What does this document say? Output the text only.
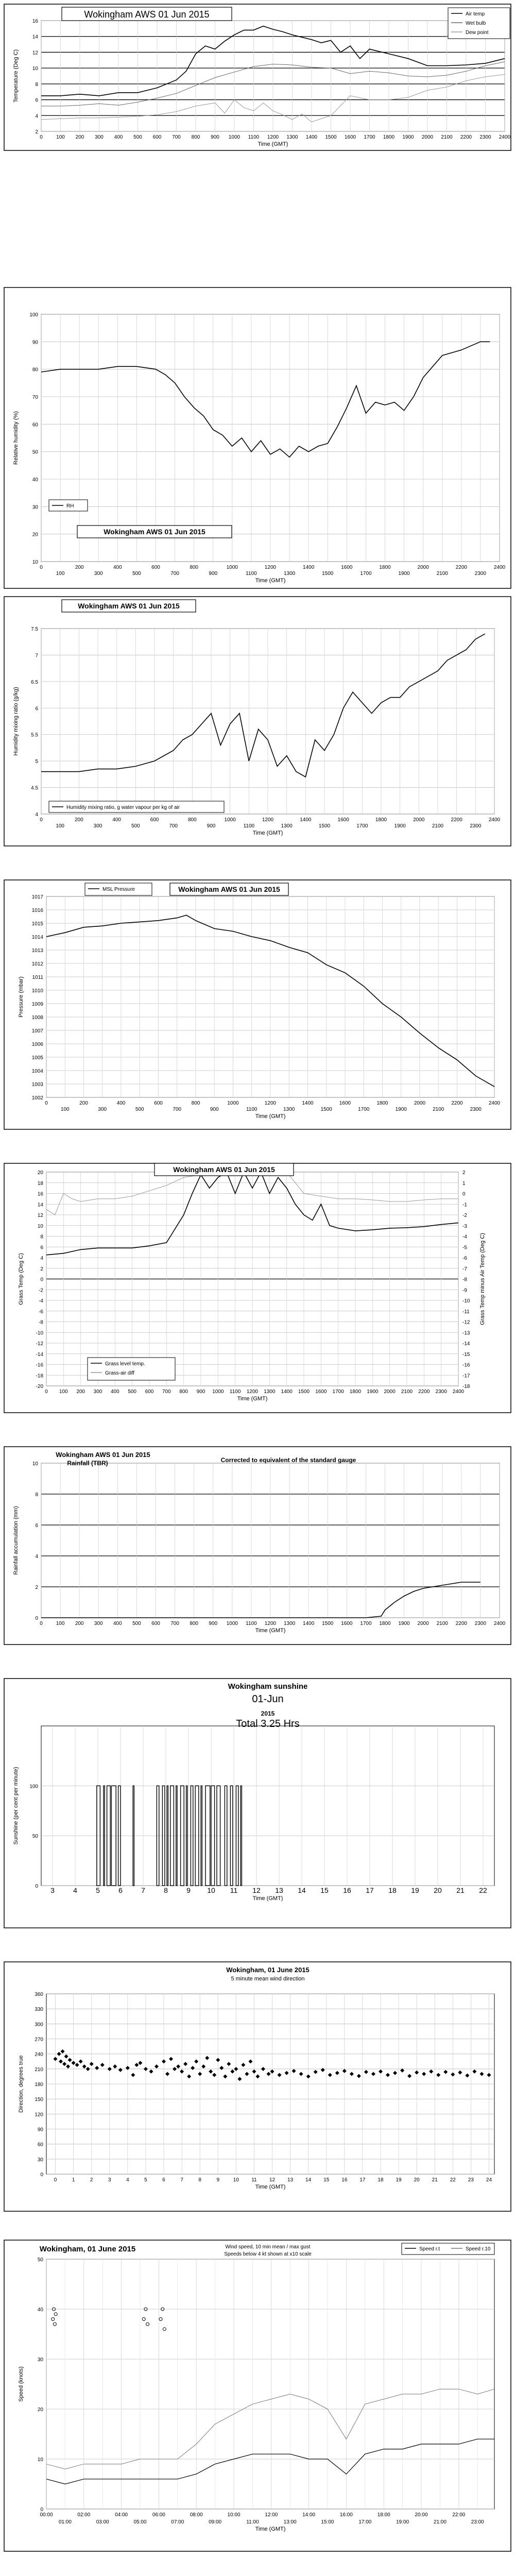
2
4
6
8
10
12
14
16
0	100 200 300 400 500 600 700 800 900 1000 1100 1200 1300 1400 1500 1600 1700 1800 1900 2000 2100 2200 2300 2400
Time (GMT)
Temperature (Deg C)
Wokingham AWS 01 Jun 2015	Air temp
Wet bulb
Dew point
10
20
30
40
50
60
70
80
90
100
0
100
200
300
400
500
600
700
800
900
1000
1100
1200
1300
1400
1500
1600
1700
1800
1900
2000
2100
2200
2300
2400
Time (GMT)
Relative humidity (%)
Wokingham AWS 01 Jun 2015
RH
4
4.5
5
5.5
6
6.5
7
7.5
0
100
200
300
400
500
600
700
800
900
1000
1100
1200
1300
1400
1500
1600
1700
1800
1900
2000
2100
2200
2300
2400
Time (GMT)
Humidity mixing ratio (g/kg)
Wokingham AWS 01 Jun 2015
Humidity mixing ratio, g water vapour per kg of air
1002
1003
1004
1005
1006
1007
1008
1009
1010
1011
1012
1013
1014
1015
1016
1017
0
100
200
300
400
500
600
700
800
900
1000
1100
1200
1300
1400
1500
1600
1700
1800
1900
2000
2100
2200
2300
2400
Time (GMT)
Pressure (mbar)
Wokingham AWS 01 Jun 2015
MSL Pressure
-20
-18
-16
-14
-12
-10
-8
-6
-4
-2
0
2
4
6
8
10
12
14
16
18
20	2
1
0
-1
-2
-3
-4
-5
-6
-7
-8
-9
-10
-11
-12
-13
-14
-15
-16
-17
-18
0 100 200 300 400 500 600 700 800 900 1000 1100 1200 1300 1400 1500 1600 1700 1800 1900 2000 2100 2200 2300 2400
Time (GMT)
Grass Temp (Deg C)	Grass Temp minus Air Temp (Deg C)
Wokingham AWS 01 Jun 2015
Grass level temp.
Grass-air diff
0
2
4
6
8
10
0	100 200 300 400 500 600 700 800 900 1000 1100 1200 1300 1400 1500 1600 1700 1800 1900 2000 2100 2200 2300 2400
Time (GMT)
Rainfall accumulation (mm)
Wokingham AWS 01 Jun 2015
Rainfall (TBR)	Corrected to equivalent of the standard gauge
0
50
100
3	4	5	6	7	8	9 10 11 12 13 14 15 16 17 18 19 20 21 22
Time (GMT)
Sunshine (per cent per minute)
Wokingham sunshine
01-Jun
2015
Total 3.25 Hrs
0
30
60
90
120
150
180
210
240
270
300
330
360
0	1	2	3	4	5	6	7	8	9	10 11 12 13 14 15 16 17 18 19 20 21 22 23 24
Time (GMT)
Direction, degrees true
Wokingham, 01 June 2015
5 minute mean wind direction
0
10
20
30
40
50
00:00	02:00	04:00	06:00	08:00	10:00	12:00	14:00	16:00	18:00	20:00	22:00
01:00	03:00	05:00	07:00	09:00	11:00	13:00	15:00	17:00	19:00	21:00	23:00
Time (GMT)
Speed (knots)
Wokingham, 01 June 2015	Wind speed, 10 min mean / max gust
Speeds below 4 kt shown at x10 scale
Speed r.t	Speed r.10
